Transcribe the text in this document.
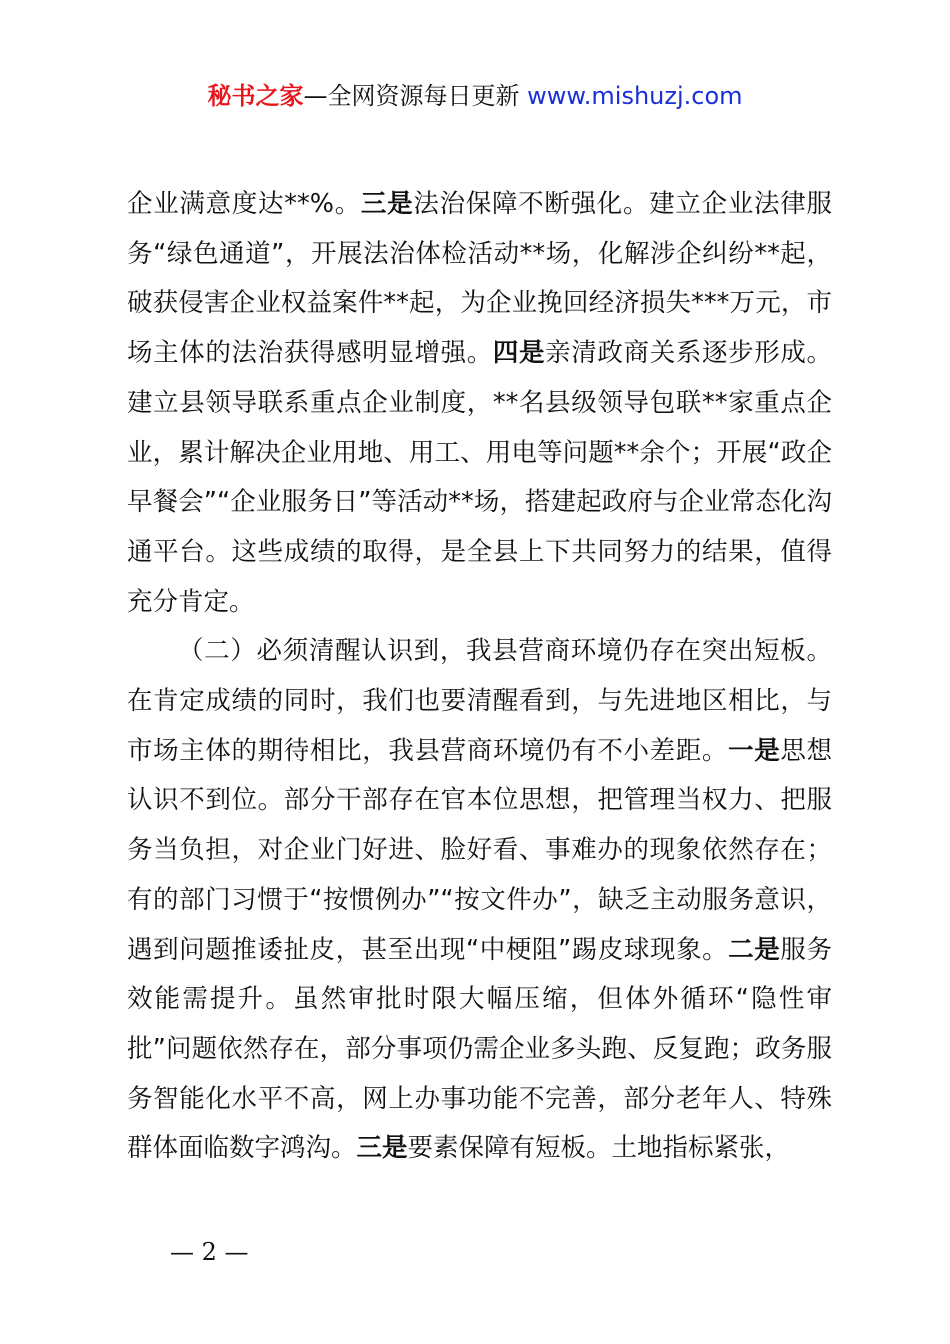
秘书之家—全网资源每日更新 www.mishuzj.com

企业满意度达**%。三是法治保障不断强化。建立企业法律服务“绿色通道”，开展法治体检活动**场，化解涉企纠纷**起，破获侵害企业权益案件**起，为企业挽回经济损失***万元，市场主体的法治获得感明显增强。四是亲清政商关系逐步形成。建立县领导联系重点企业制度，**名县级领导包联**家重点企业，累计解决企业用地、用工、用电等问题**余个；开展“政企早餐会”“企业服务日”等活动**场，搭建起政府与企业常态化沟通平台。这些成绩的取得，是全县上下共同努力的结果，值得充分肯定。

（二）必须清醒认识到，我县营商环境仍存在突出短板。在肯定成绩的同时，我们也要清醒看到，与先进地区相比，与市场主体的期待相比，我县营商环境仍有不小差距。一是思想认识不到位。部分干部存在官本位思想，把管理当权力、把服务当负担，对企业门好进、脸好看、事难办的现象依然存在；有的部门习惯于“按惯例办”“按文件办”，缺乏主动服务意识，遇到问题推诿扯皮，甚至出现“中梗阻”踢皮球现象。二是服务效能需提升。虽然审批时限大幅压缩，但体外循环“隐性审批”问题依然存在，部分事项仍需企业多头跑、反复跑；政务服务智能化水平不高，网上办事功能不完善，部分老年人、特殊群体面临数字鸿沟。三是要素保障有短板。土地指标紧张，

— 2 —
